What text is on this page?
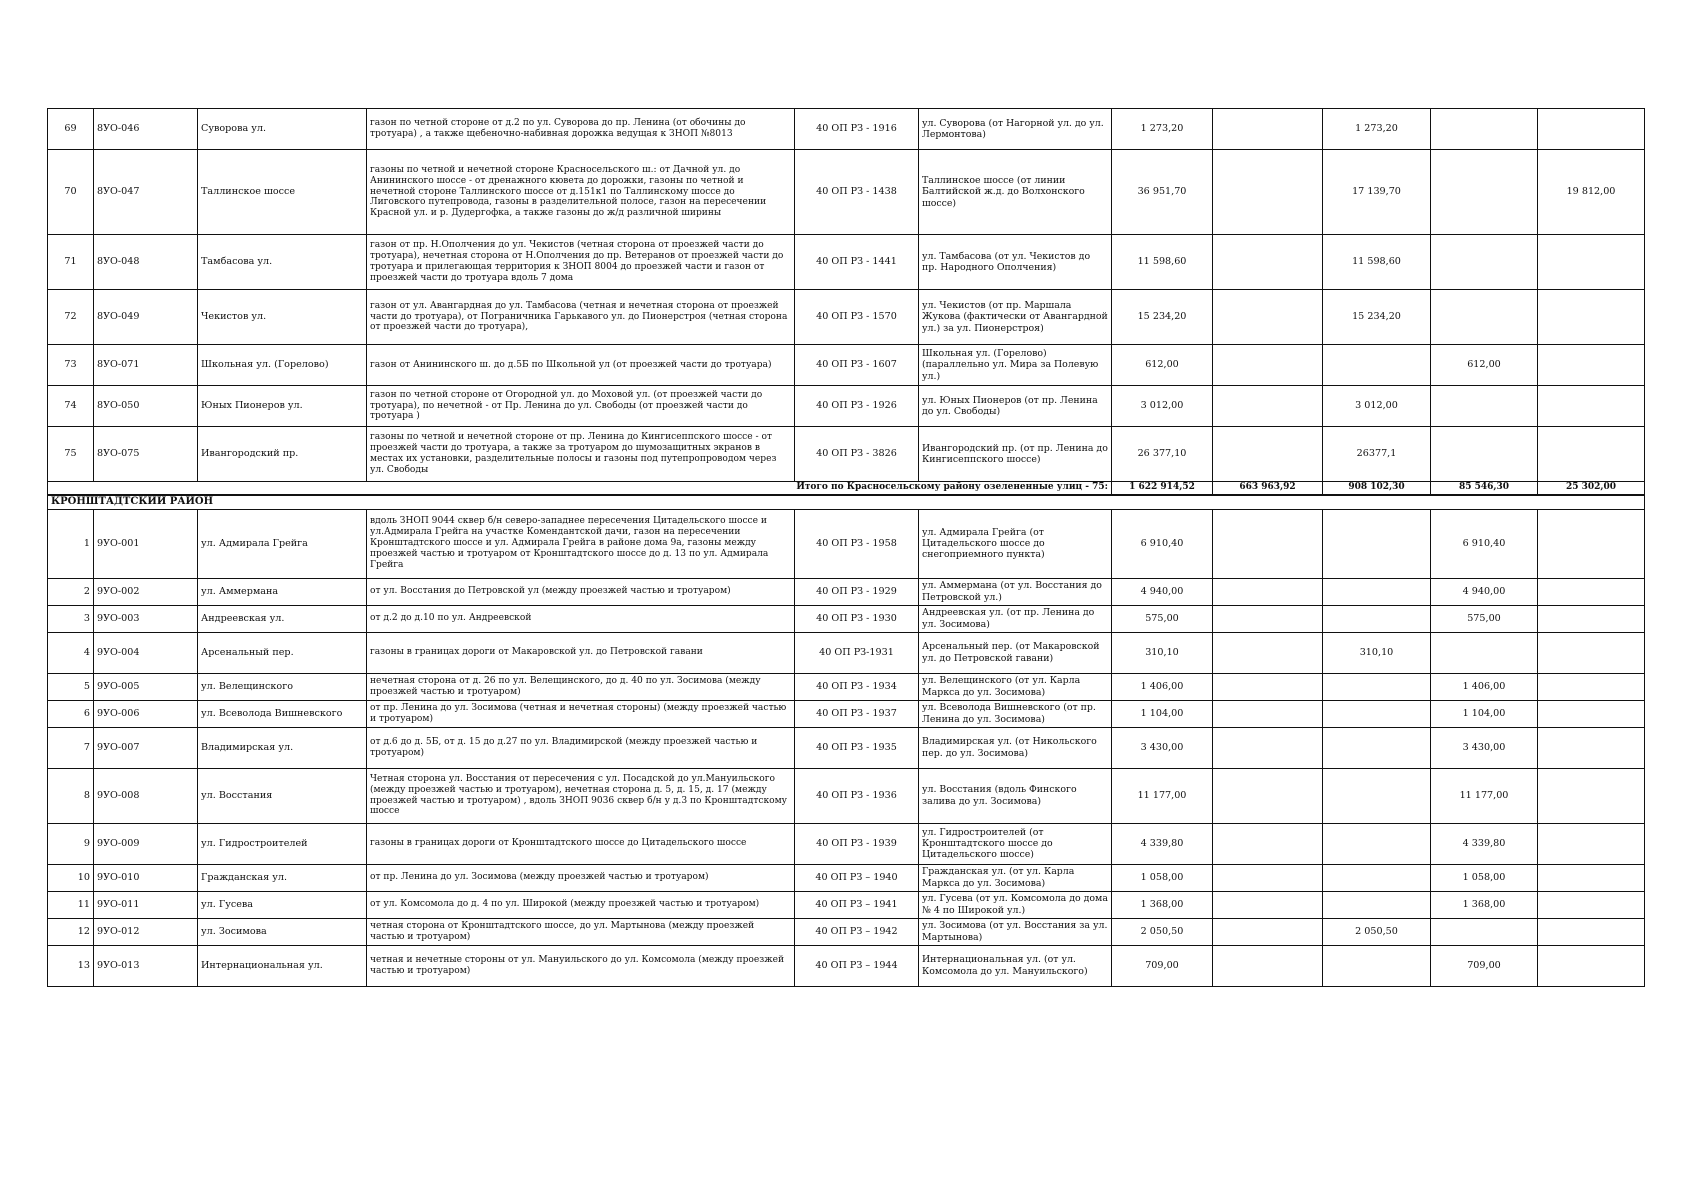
69	8УО-046	Суворова ул.	газон по четной стороне от д.2 по ул. Суворова до пр. Ленина (от обочины до тротуара) , а также щебеночно-набивная дорожка ведущая к ЗНОП №8013	40 ОП РЗ - 1916	ул. Суворова (от Нагорной ул. до ул. Лермонтова)	1 273,20		1 273,20		
70	8УО-047	Таллинское шоссе	газоны по четной и нечетной стороне Красносельского ш.: от Дачной ул. до Анининского шоссе - от дренажного кювета до дорожки, газоны по четной и нечетной стороне Таллинского шоссе от д.151к1 по Таллинскому шоссе до Лиговского путепровода, газоны в разделительной полосе, газон на пересечении Красной ул. и р. Дудергофка, а также газоны до ж/д различной ширины	40 ОП РЗ - 1438	Таллинское шоссе (от линии Балтийской ж.д. до Волхонского шоссе)	36 951,70		17 139,70		19 812,00
71	8УО-048	Тамбасова ул.	газон от пр. Н.Ополчения до ул. Чекистов (четная сторона от проезжей части до тротуара), нечетная сторона от Н.Ополчения до пр. Ветеранов от проезжей части до тротуара и прилегающая территория к ЗНОП 8004 до проезжей части и газон от проезжей части до тротуара вдоль 7 дома	40 ОП РЗ - 1441	ул. Тамбасова (от ул. Чекистов до пр. Народного Ополчения)	11 598,60		11 598,60		
72	8УО-049	Чекистов ул.	газон от ул. Авангардная до ул. Тамбасова (четная и нечетная сторона от проезжей части до тротуара), от Пограничника Гарькавого ул. до Пионерстроя (четная сторона от проезжей части до тротуара),	40 ОП РЗ - 1570	ул. Чекистов (от пр. Маршала Жукова (фактически от Авангардной ул.) за ул. Пионерстроя)	15 234,20		15 234,20		
73	8УО-071	Школьная ул. (Горелово)	газон от Анининского ш. до д.5Б по Школьной ул (от проезжей части до тротуара)	40 ОП РЗ - 1607	Школьная ул. (Горелово) (параллельно ул. Мира за Полевую ул.)	612,00			612,00	
74	8УО-050	Юных Пионеров ул.	газон по четной стороне от Огородной ул. до Моховой ул. (от проезжей части до тротуара), по нечетной - от Пр. Ленина до ул. Свободы (от проезжей части до тротуара )	40 ОП РЗ - 1926	ул. Юных Пионеров (от пр. Ленина до ул. Свободы)	3 012,00		3 012,00		
75	8УО-075	Ивангородский пр.	газоны по четной и нечетной стороне от пр. Ленина до Кингисеппского шоссе - от проезжей части до тротуара, а также за тротуаром до шумозащитных экранов в местах их установки, разделительные полосы и газоны под путепропроводом через ул. Свободы	40 ОП РЗ - 3826	Ивангородский пр. (от пр. Ленина до Кингисеппского шоссе)	26 377,10		26377,1		
Итого по Красносельскому району озелененные улиц - 75:						1 622 914,52	663 963,92	908 102,30	85 546,30	25 302,00
КРОНШТАДТСКИЙ РАЙОН										
1	9УО-001	ул. Адмирала Грейга	вдоль ЗНОП 9044 сквер б/н северо-западнее пересечения Цитадельского шоссе и ул.Адмирала Грейга на участке Комендантской дачи, газон на пересечении Кронштадтского шоссе и ул. Адмирала Грейга в районе дома 9а, газоны между проезжей частью и тротуаром от Кронштадтского шоссе до д. 13 по ул. Адмирала Грейга	40 ОП РЗ - 1958	ул. Адмирала Грейга (от Цитадельского шоссе до снегоприемного пункта)	6 910,40			6 910,40	
2	9УО-002	ул. Аммермана	от ул. Восстания до Петровской ул (между проезжей частью и тротуаром)	40 ОП РЗ - 1929	ул. Аммермана (от ул. Восстания до Петровской ул.)	4 940,00			4 940,00	
3	9УО-003	Андреевская ул.	от д.2 до д.10 по ул. Андреевской	40 ОП РЗ - 1930	Андреевская ул. (от пр. Ленина до ул. Зосимова)	575,00			575,00	
4	9УО-004	Арсенальный пер.	газоны в границах дороги от Макаровской ул. до Петровской гавани	40 ОП РЗ-1931	Арсенальный пер. (от Макаровской ул. до Петровской гавани)	310,10		310,10		
5	9УО-005	ул. Велещинского	нечетная сторона от д. 26 по ул. Велещинского, до д. 40 по ул. Зосимова (между проезжей частью и тротуаром)	40 ОП РЗ - 1934	ул. Велещинского (от ул. Карла Маркса до ул. Зосимова)	1 406,00			1 406,00	
6	9УО-006	ул. Всеволода Вишневского	от пр. Ленина до ул. Зосимова (четная и нечетная стороны) (между проезжей частью и тротуаром)	40 ОП РЗ - 1937	ул. Всеволода Вишневского (от пр. Ленина до ул. Зосимова)	1 104,00			1 104,00	
7	9УО-007	Владимирская ул.	от д.6 до д. 5Б, от д. 15 до д.27 по ул. Владимирской (между проезжей частью и тротуаром)	40 ОП РЗ - 1935	Владимирская ул. (от Никольского пер. до ул. Зосимова)	3 430,00			3 430,00	
8	9УО-008	ул. Восстания	Четная сторона ул. Восстания от пересечения с ул. Посадской до ул.Мануильского (между проезжей частью и тротуаром), нечетная сторона д. 5, д. 15, д. 17 (между проезжей частью и тротуаром) , вдоль ЗНОП 9036 сквер б/н у д.3 по Кронштадтскому шоссе	40 ОП РЗ - 1936	ул. Восстания (вдоль Финского залива до ул. Зосимова)	11 177,00			11 177,00	
9	9УО-009	ул. Гидростроителей	газоны в границах дороги от Кронштадтского шоссе до Цитадельского шоссе	40 ОП РЗ - 1939	ул. Гидростроителей (от Кронштадтского шоссе до Цитадельского шоссе)	4 339,80			4 339,80	
10	9УО-010	Гражданская ул.	от пр. Ленина до ул. Зосимова (между проезжей частью и тротуаром)	40 ОП РЗ – 1940	Гражданская ул. (от ул. Карла Маркса до ул. Зосимова)	1 058,00			1 058,00	
11	9УО-011	ул. Гусева	от ул. Комсомола до д. 4 по ул. Широкой (между проезжей частью и тротуаром)	40 ОП РЗ – 1941	ул. Гусева (от ул. Комсомола до дома № 4 по Широкой ул.)	1 368,00			1 368,00	
12	9УО-012	ул. Зосимова	четная сторона от Кронштадтского шоссе, до ул. Мартынова (между проезжей частью и тротуаром)	40 ОП РЗ – 1942	ул. Зосимова (от ул. Восстания за ул. Мартынова)	2 050,50		2 050,50		
13	9УО-013	Интернациональная ул.	четная и нечетные стороны от ул. Мануильского до ул. Комсомола (между проезжей частью и тротуаром)	40 ОП РЗ – 1944	Интернациональная ул. (от ул. Комсомола до ул. Мануильского)	709,00			709,00	
